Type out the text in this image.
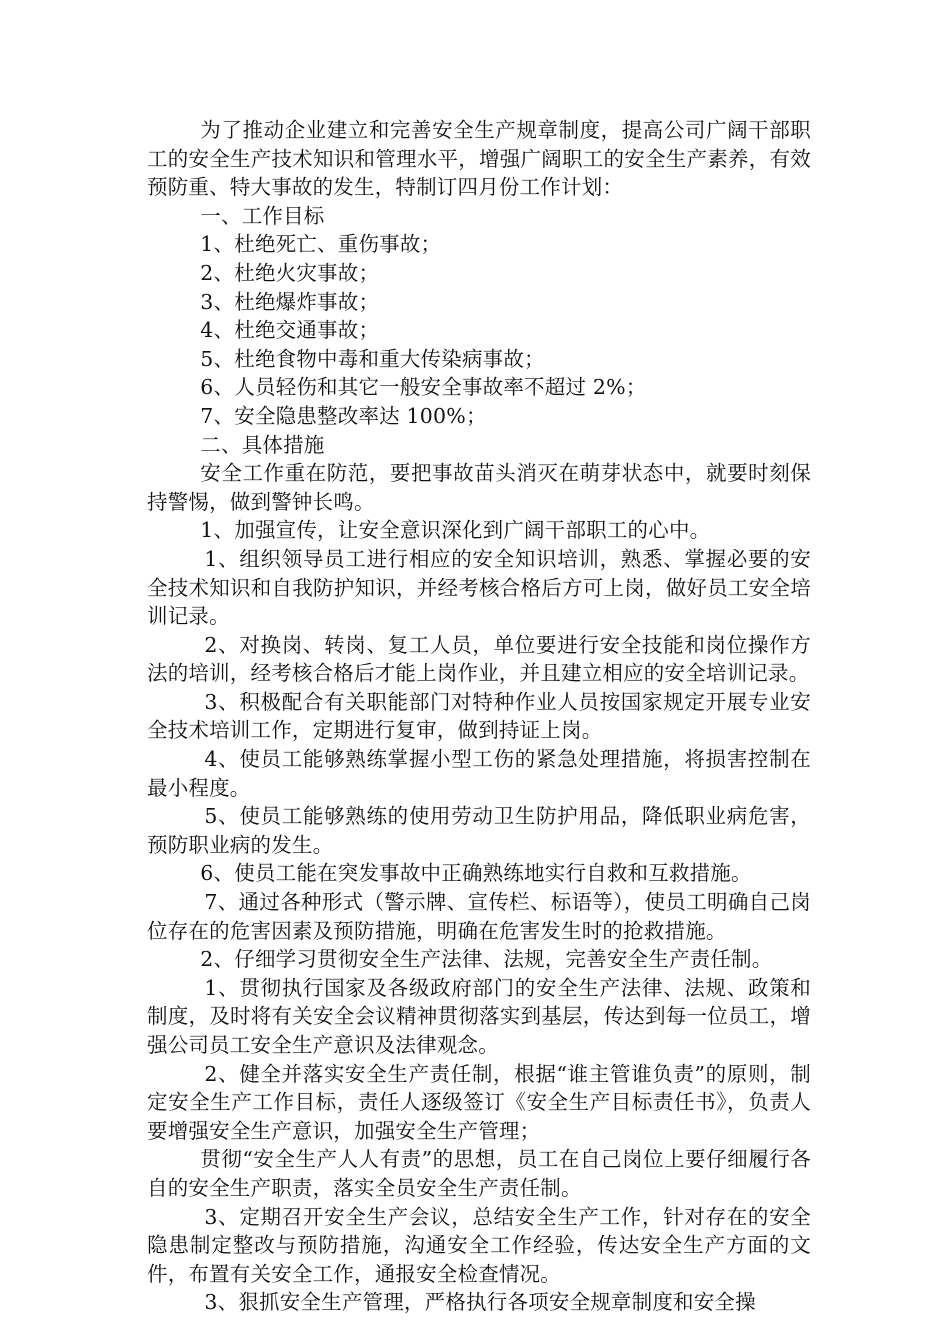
为了推动企业建立和完善安全生产规章制度，提高公司广阔干部职工的安全生产技术知识和管理水平，增强广阔职工的安全生产素养，有效预防重、特大事故的发生，特制订四月份工作计划：

一、工作目标

1、杜绝死亡、重伤事故；

2、杜绝火灾事故；

3、杜绝爆炸事故；

4、杜绝交通事故；

5、杜绝食物中毒和重大传染病事故；

6、人员轻伤和其它一般安全事故率不超过 2%；

7、安全隐患整改率达 100%；

二、具体措施

安全工作重在防范，要把事故苗头消灭在萌芽状态中，就要时刻保持警惕，做到警钟长鸣。

1、加强宣传，让安全意识深化到广阔干部职工的心中。

1、组织领导员工进行相应的安全知识培训，熟悉、掌握必要的安全技术知识和自我防护知识，并经考核合格后方可上岗，做好员工安全培训记录。

2、对换岗、转岗、复工人员，单位要进行安全技能和岗位操作方法的培训，经考核合格后才能上岗作业，并且建立相应的安全培训记录。

3、积极配合有关职能部门对特种作业人员按国家规定开展专业安全技术培训工作，定期进行复审，做到持证上岗。

4、使员工能够熟练掌握小型工伤的紧急处理措施，将损害控制在最小程度。

5、使员工能够熟练的使用劳动卫生防护用品，降低职业病危害，预防职业病的发生。

6、使员工能在突发事故中正确熟练地实行自救和互救措施。

7、通过各种形式（警示牌、宣传栏、标语等），使员工明确自己岗位存在的危害因素及预防措施，明确在危害发生时的抢救措施。

2、仔细学习贯彻安全生产法律、法规，完善安全生产责任制。

1、贯彻执行国家及各级政府部门的安全生产法律、法规、政策和制度，及时将有关安全会议精神贯彻落实到基层，传达到每一位员工，增强公司员工安全生产意识及法律观念。

2、健全并落实安全生产责任制，根据“谁主管谁负责”的原则，制定安全生产工作目标，责任人逐级签订《安全生产目标责任书》，负责人要增强安全生产意识，加强安全生产管理；

贯彻“安全生产人人有责”的思想，员工在自己岗位上要仔细履行各自的安全生产职责，落实全员安全生产责任制。

3、定期召开安全生产会议，总结安全生产工作，针对存在的安全隐患制定整改与预防措施，沟通安全工作经验，传达安全生产方面的文件，布置有关安全工作，通报安全检查情况。

3、狠抓安全生产管理，严格执行各项安全规章制度和安全操
